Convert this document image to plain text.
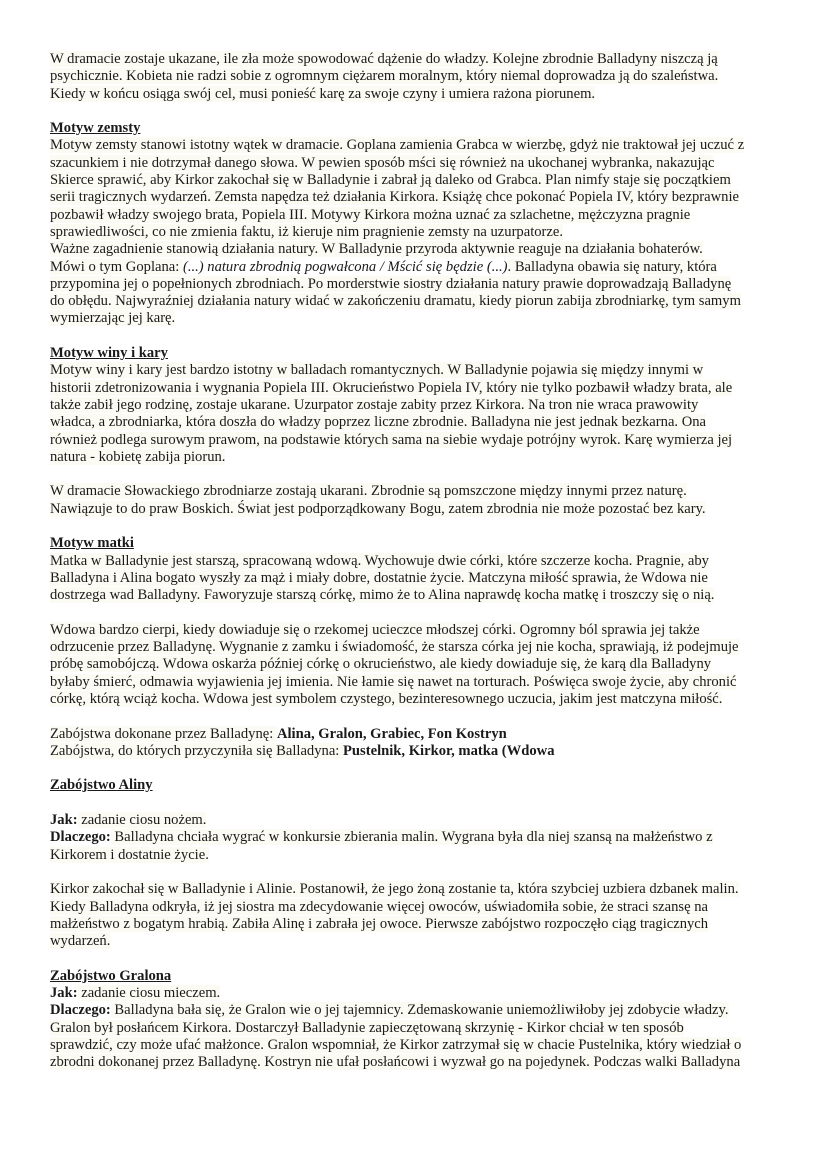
W dramacie zostaje ukazane, ile zła może spowodować dążenie do władzy. Kolejne zbrodnie Balladyny niszczą ją
psychicznie. Kobieta nie radzi sobie z ogromnym ciężarem moralnym, który niemal doprowadza ją do szaleństwa.
Kiedy w końcu osiąga swój cel, musi ponieść karę za swoje czyny i umiera rażona piorunem.
Motyw zemsty
Motyw zemsty stanowi istotny wątek w dramacie. Goplana zamienia Grabca w wierzbę, gdyż nie traktował jej uczuć z
szacunkiem i nie dotrzymał danego słowa. W pewien sposób mści się również na ukochanej wybranka, nakazując
Skierce sprawić, aby Kirkor zakochał się w Balladynie i zabrał ją daleko od Grabca. Plan nimfy staje się początkiem
serii tragicznych wydarzeń. Zemsta napędza też działania Kirkora. Książę chce pokonać Popiela IV, który bezprawnie
pozbawił władzy swojego brata, Popiela III. Motywy Kirkora można uznać za szlachetne, mężczyzna pragnie
sprawiedliwości, co nie zmienia faktu, iż kieruje nim pragnienie zemsty na uzurpatorze.
Ważne zagadnienie stanowią działania natury. W Balladynie przyroda aktywnie reaguje na działania bohaterów.
Mówi o tym Goplana: (...) natura zbrodnią pogwałcona / Mścić się będzie (...). Balladyna obawia się natury, która
przypomina jej o popełnionych zbrodniach. Po morderstwie siostry działania natury prawie doprowadzają Balladynę
do obłędu. Najwyraźniej działania natury widać w zakończeniu dramatu, kiedy piorun zabija zbrodniarkę, tym samym
wymierzając jej karę.
Motyw winy i kary
Motyw winy i kary jest bardzo istotny w balladach romantycznych. W Balladynie pojawia się między innymi w
historii zdetronizowania i wygnania Popiela III. Okrucieństwo Popiela IV, który nie tylko pozbawił władzy brata, ale
także zabił jego rodzinę, zostaje ukarane. Uzurpator zostaje zabity przez Kirkora. Na tron nie wraca prawowity
władca, a zbrodniarka, która doszła do władzy poprzez liczne zbrodnie. Balladyna nie jest jednak bezkarna. Ona
również podlega surowym prawom, na podstawie których sama na siebie wydaje potrójny wyrok. Karę wymierza jej
natura - kobietę zabija piorun.
W dramacie Słowackiego zbrodniarze zostają ukarani. Zbrodnie są pomszczone między innymi przez naturę.
Nawiązuje to do praw Boskich. Świat jest podporządkowany Bogu, zatem zbrodnia nie może pozostać bez kary.
Motyw matki
Matka w Balladynie jest starszą, spracowaną wdową. Wychowuje dwie córki, które szczerze kocha. Pragnie, aby
Balladyna i Alina bogato wyszły za mąż i miały dobre, dostatnie życie. Matczyna miłość sprawia, że Wdowa nie
dostrzega wad Balladyny. Faworyzuje starszą córkę, mimo że to Alina naprawdę kocha matkę i troszczy się o nią.
Wdowa bardzo cierpi, kiedy dowiaduje się o rzekomej ucieczce młodszej córki. Ogromny ból sprawia jej także
odrzucenie przez Balladynę. Wygnanie z zamku i świadomość, że starsza córka jej nie kocha, sprawiają, iż podejmuje
próbę samobójczą. Wdowa oskarża później córkę o okrucieństwo, ale kiedy dowiaduje się, że karą dla Balladyny
byłaby śmierć, odmawia wyjawienia jej imienia. Nie łamie się nawet na torturach. Poświęca swoje życie, aby chronić
córkę, którą wciąż kocha. Wdowa jest symbolem czystego, bezinteresownego uczucia, jakim jest matczyna miłość.
Zabójstwa dokonane przez Balladynę: Alina, Gralon, Grabiec, Fon Kostryn
Zabójstwa, do których przyczyniła się Balladyna: Pustelnik, Kirkor, matka (Wdowa
Zabójstwo Aliny
Jak: zadanie ciosu nożem.
Dlaczego: Balladyna chciała wygrać w konkursie zbierania malin. Wygrana była dla niej szansą na małżeństwo z
Kirkorem i dostatnie życie.
Kirkor zakochał się w Balladynie i Alinie. Postanowił, że jego żoną zostanie ta, która szybciej uzbiera dzbanek malin.
Kiedy Balladyna odkryła, iż jej siostra ma zdecydowanie więcej owoców, uświadomiła sobie, że straci szansę na
małżeństwo z bogatym hrabią. Zabiła Alinę i zabrała jej owoce. Pierwsze zabójstwo rozpoczęło ciąg tragicznych
wydarzeń.
Zabójstwo Gralona
Jak: zadanie ciosu mieczem.
Dlaczego: Balladyna bała się, że Gralon wie o jej tajemnicy. Zdemaskowanie uniemożliwiłoby jej zdobycie władzy.
Gralon był posłańcem Kirkora. Dostarczył Balladynie zapieczętowaną skrzynię - Kirkor chciał w ten sposób
sprawdzić, czy może ufać małżonce. Gralon wspomniał, że Kirkor zatrzymał się w chacie Pustelnika, który wiedział o
zbrodni dokonanej przez Balladynę. Kostryn nie ufał posłańcowi i wyzwał go na pojedynek. Podczas walki Balladyna
